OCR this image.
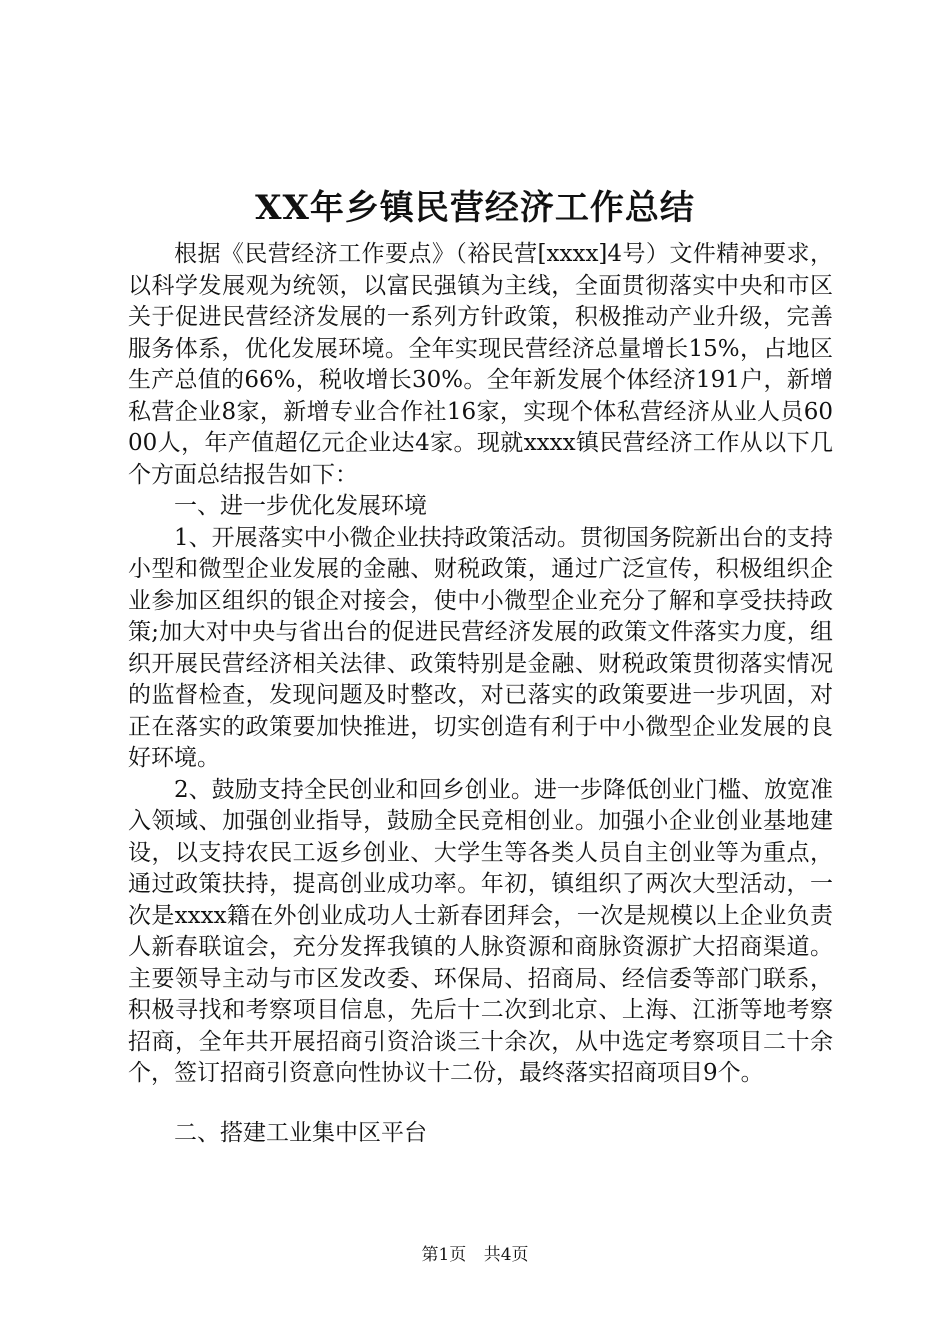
XX年乡镇民营经济工作总结

根据《民营经济工作要点》（裕民营[xxxx]4号）文件精神要求，以科学发展观为统领，以富民强镇为主线，全面贯彻落实中央和市区关于促进民营经济发展的一系列方针政策，积极推动产业升级，完善服务体系，优化发展环境。全年实现民营经济总量增长15%，占地区生产总值的66%，税收增长30%。全年新发展个体经济191户，新增私营企业8家，新增专业合作社16家，实现个体私营经济从业人员6000人，年产值超亿元企业达4家。现就xxxx镇民营经济工作从以下几个方面总结报告如下：

一、进一步优化发展环境

1、开展落实中小微企业扶持政策活动。贯彻国务院新出台的支持小型和微型企业发展的金融、财税政策，通过广泛宣传，积极组织企业参加区组织的银企对接会，使中小微型企业充分了解和享受扶持政策;加大对中央与省出台的促进民营经济发展的政策文件落实力度，组织开展民营经济相关法律、政策特别是金融、财税政策贯彻落实情况的监督检查，发现问题及时整改，对已落实的政策要进一步巩固，对正在落实的政策要加快推进，切实创造有利于中小微型企业发展的良好环境。

2、鼓励支持全民创业和回乡创业。进一步降低创业门槛、放宽准入领域、加强创业指导，鼓励全民竞相创业。加强小企业创业基地建设，以支持农民工返乡创业、大学生等各类人员自主创业等为重点，通过政策扶持，提高创业成功率。年初，镇组织了两次大型活动，一次是xxxx籍在外创业成功人士新春团拜会，一次是规模以上企业负责人新春联谊会，充分发挥我镇的人脉资源和商脉资源扩大招商渠道。主要领导主动与市区发改委、环保局、招商局、经信委等部门联系，积极寻找和考察项目信息，先后十二次到北京、上海、江浙等地考察招商，全年共开展招商引资洽谈三十余次，从中选定考察项目二十余个，签订招商引资意向性协议十二份，最终落实招商项目9个。

二、搭建工业集中区平台

第1页 共4页
